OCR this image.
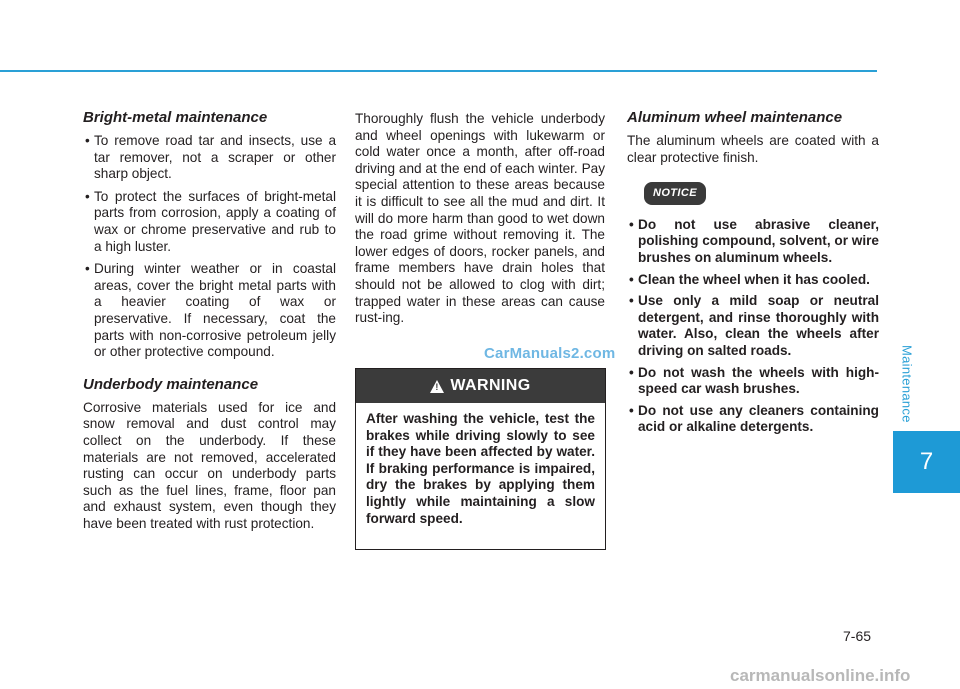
Maintenance
7
Bright-metal maintenance
• To remove road tar and insects, use a tar remover, not a scraper or other sharp object.
• To protect the surfaces of bright-metal parts from corrosion, apply a coating of wax or chrome preservative and rub to a high luster.
• During winter weather or in coastal areas, cover the bright metal parts with a heavier coating of wax or preservative. If necessary, coat the parts with non-corrosive petroleum jelly or other protective compound.
Underbody maintenance

Corrosive materials used for ice and snow removal and dust control may collect on the underbody. If these materials are not removed, accelerated rusting can occur on underbody parts such as the fuel lines, frame, floor pan and exhaust system, even though they have been treated with rust protection.

Thoroughly flush the vehicle underbody and wheel openings with lukewarm or cold water once a month, after off-road driving and at the end of each winter. Pay special attention to these areas because it is difficult to see all the mud and dirt. It will do more harm than good to wet down the road grime without removing it. The lower edges of doors, rocker panels, and frame members have drain holes that should not be allowed to clog with dirt; trapped water in these areas can cause rust-ing.

! WARNING
After washing the vehicle, test the brakes while driving slowly to see if they have been affected by water. If braking performance is impaired, dry the brakes by applying them lightly while maintaining a slow forward speed.
CarManuals2.com
Aluminum wheel maintenance

The aluminum wheels are coated with a clear protective finish.

NOTICE
• Do not use abrasive cleaner, polishing compound, solvent, or wire brushes on aluminum wheels.
• Clean the wheel when it has cooled.
• Use only a mild soap or neutral detergent, and rinse thoroughly with water. Also, clean the wheels after driving on salted roads.
• Do not wash the wheels with high-speed car wash brushes.
• Do not use any cleaners containing acid or alkaline detergents.
7-65
carmanualsonline.info
